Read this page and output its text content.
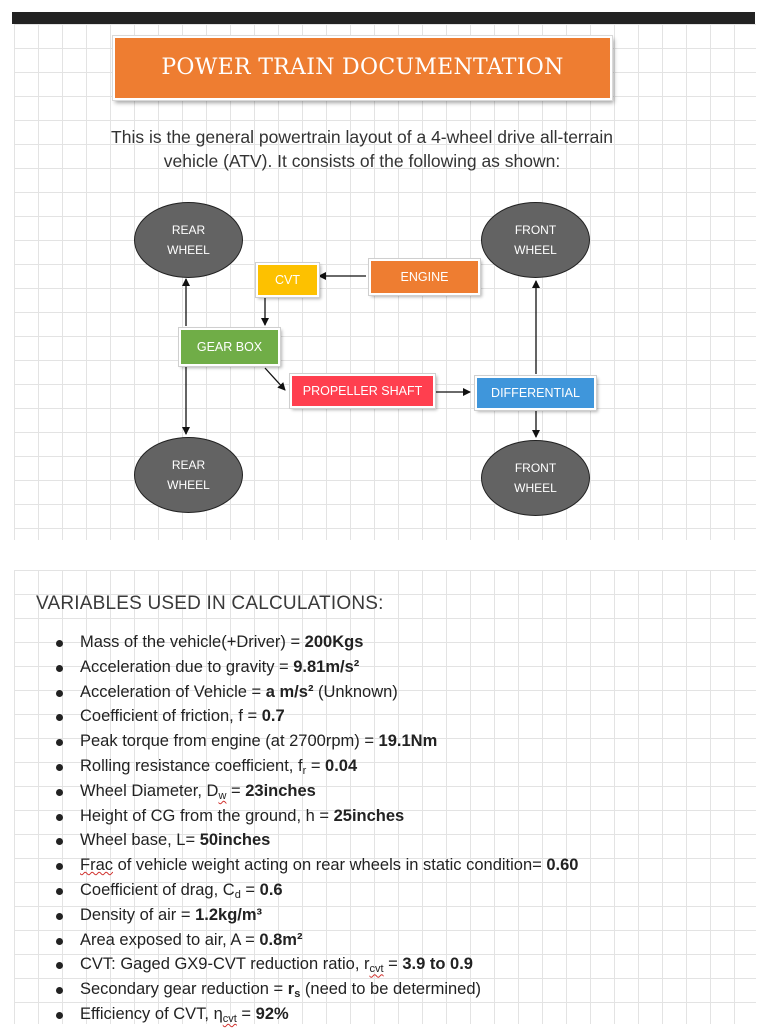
POWER TRAIN DOCUMENTATION
This is the general powertrain layout of a 4-wheel drive all-terrain
vehicle (ATV). It consists of the following as shown:
REAR
WHEEL
REAR
WHEEL
FRONT
WHEEL
FRONT
WHEEL
CVT	ENGINE
GEAR BOX
PROPELLER SHAFT	DIFFERENTIAL
VARIABLES USED IN CALCULATIONS:
Mass of the vehicle(+Driver) = 200Kgs
Acceleration due to gravity = 9.81m/s²
Acceleration of Vehicle = a m/s² (Unknown)
Coefficient of friction, f = 0.7
Peak torque from engine (at 2700rpm) = 19.1Nm
Rolling resistance coefficient, $f_r = 0.04$
Wheel Diameter, $D_w$ = 23inches
Height of CG from the ground, h = 25inches
Wheel base, L= 50inches
Frac of vehicle weight acting on rear wheels in static condition= 0.60
Coefficient of drag, $C_d = 0.6$
Density of air = 1.2kg/m³
Area exposed to air, A = 0.8m²
CVT: Gaged GX9-CVT reduction ratio, $r_{cvt} = 3.9$ to 0.9
Secondary gear reduction = $r_s$ (need to be determined)
Efficiency of CVT, $\eta_{cvt} = 92\%$
